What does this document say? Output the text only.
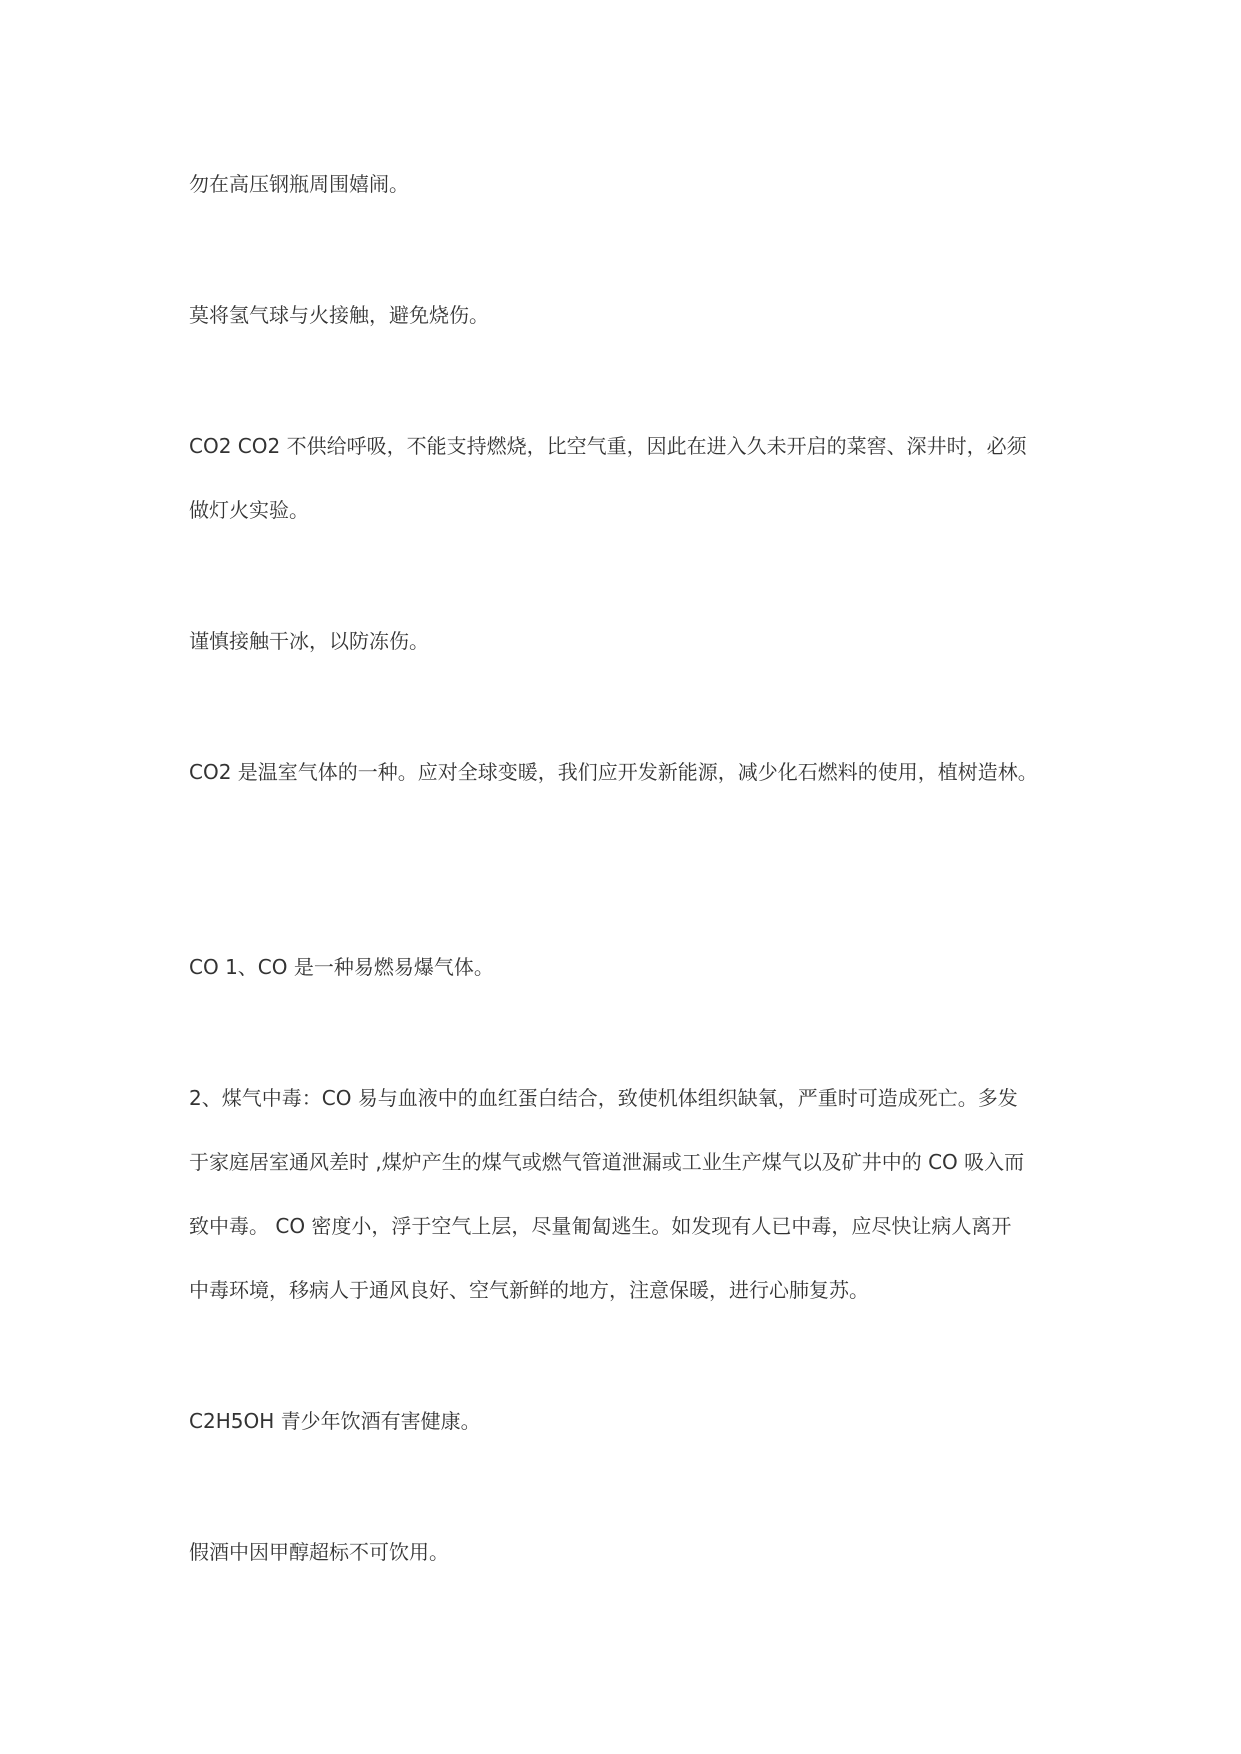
勿在高压钢瓶周围嬉闹。

莫将氢气球与火接触，避免烧伤。

CO2 CO2 不供给呼吸，不能支持燃烧，比空气重，因此在进入久未开启的菜窖、深井时，必须

做灯火实验。

谨慎接触干冰，以防冻伤。

CO2 是温室气体的一种。应对全球变暖，我们应开发新能源，减少化石燃料的使用，植树造林。

CO 1、CO 是一种易燃易爆气体。

2、煤气中毒：CO 易与血液中的血红蛋白结合，致使机体组织缺氧，严重时可造成死亡。多发

于家庭居室通风差时 ,煤炉产生的煤气或燃气管道泄漏或工业生产煤气以及矿井中的 CO 吸入而

致中毒。 CO 密度小，浮于空气上层，尽量匍匐逃生。如发现有人已中毒，应尽快让病人离开

中毒环境，移病人于通风良好、空气新鲜的地方，注意保暖，进行心肺复苏。

C2H5OH 青少年饮酒有害健康。

假酒中因甲醇超标不可饮用。
